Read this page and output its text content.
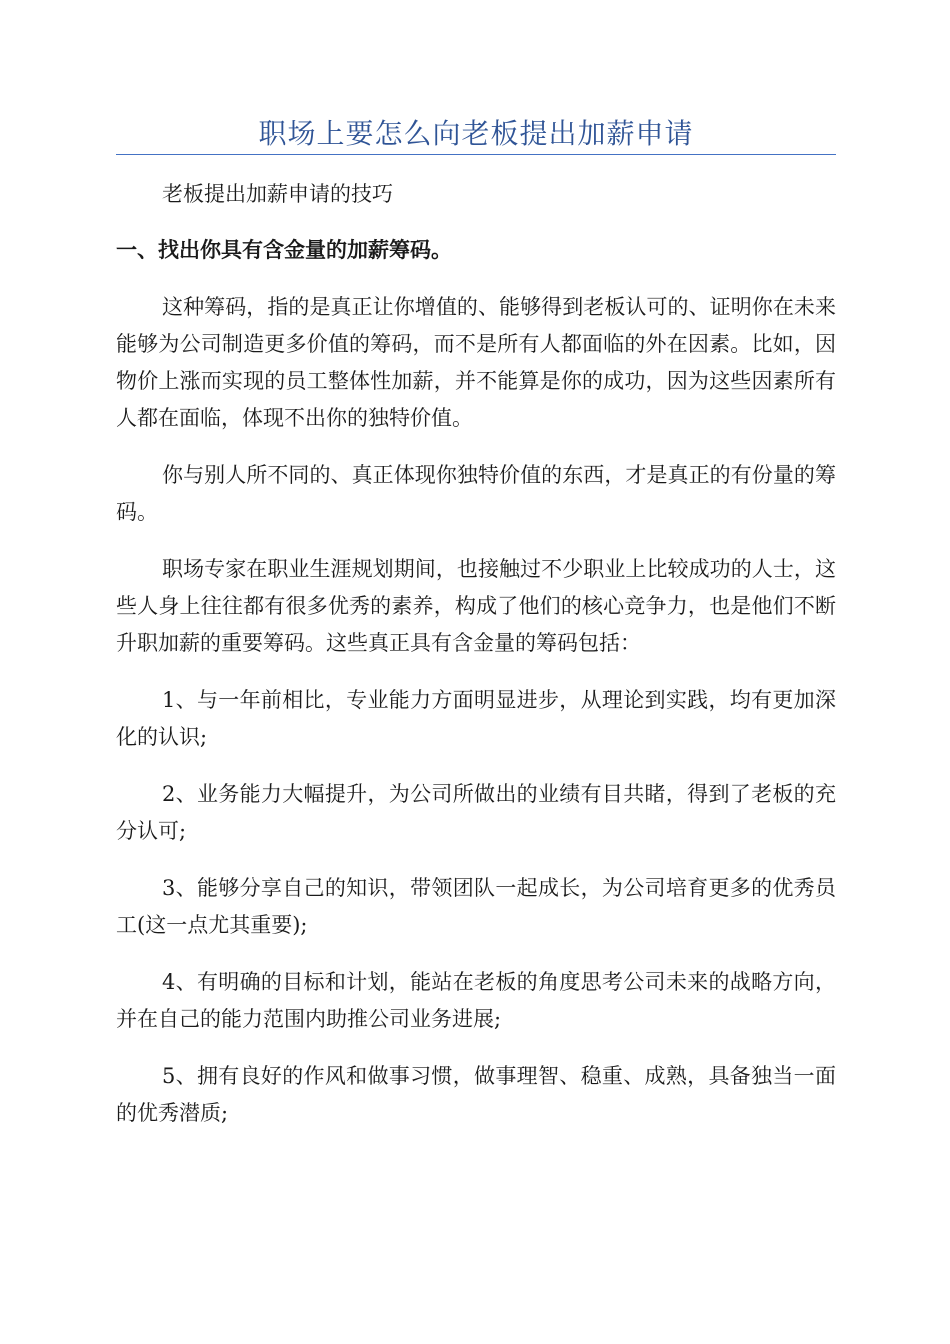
职场上要怎么向老板提出加薪申请

老板提出加薪申请的技巧

一、找出你具有含金量的加薪筹码。

这种筹码，指的是真正让你增值的、能够得到老板认可的、证明你在未来能够为公司制造更多价值的筹码，而不是所有人都面临的外在因素。比如，因物价上涨而实现的员工整体性加薪，并不能算是你的成功，因为这些因素所有人都在面临，体现不出你的独特价值。

你与别人所不同的、真正体现你独特价值的东西，才是真正的有份量的筹码。

职场专家在职业生涯规划期间，也接触过不少职业上比较成功的人士，这些人身上往往都有很多优秀的素养，构成了他们的核心竞争力，也是他们不断升职加薪的重要筹码。这些真正具有含金量的筹码包括：

1、与一年前相比，专业能力方面明显进步，从理论到实践，均有更加深化的认识;

2、业务能力大幅提升，为公司所做出的业绩有目共睹，得到了老板的充分认可;

3、能够分享自己的知识，带领团队一起成长，为公司培育更多的优秀员工(这一点尤其重要);

4、有明确的目标和计划，能站在老板的角度思考公司未来的战略方向，并在自己的能力范围内助推公司业务进展;

5、拥有良好的作风和做事习惯，做事理智、稳重、成熟，具备独当一面的优秀潜质;
